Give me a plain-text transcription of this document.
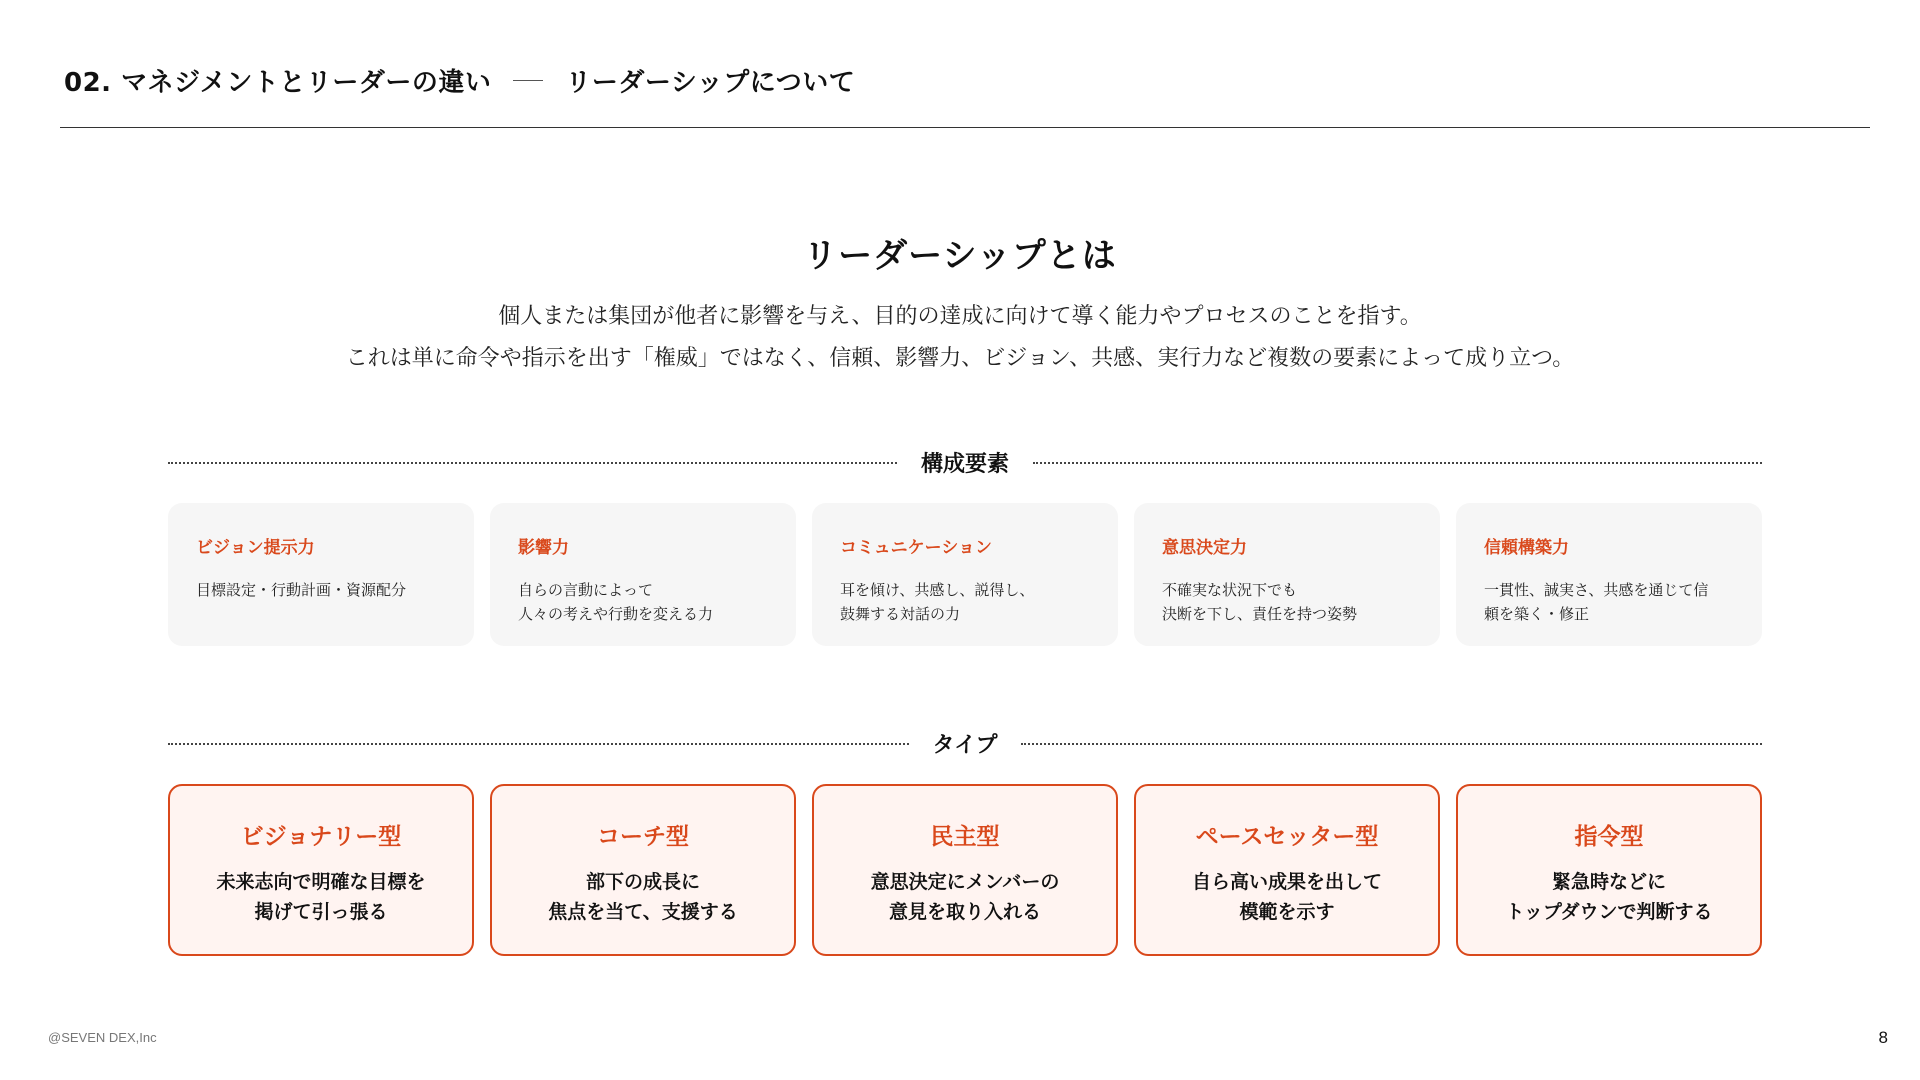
02. マネジメントとリーダーの違い	リーダーシップについて
リーダーシップとは
個人または集団が他者に影響を与え、目的の達成に向けて導く能力やプロセスのことを指す。
これは単に命令や指示を出す「権威」ではなく、信頼、影響力、ビジョン、共感、実行力など複数の要素によって成り立つ。
構成要素
ビジョン提示力
目標設定・行動計画・資源配分
影響力
自らの言動によって
人々の考えや行動を変える力
コミュニケーション
耳を傾け、共感し、説得し、
鼓舞する対話の力
意思決定力
不確実な状況下でも
決断を下し、責任を持つ姿勢
信頼構築力
一貫性、誠実さ、共感を通じて信
頼を築く・修正
タイプ
ビジョナリー型
未来志向で明確な目標を
掲げて引っ張る
コーチ型
部下の成長に
焦点を当て、支援する
民主型
意思決定にメンバーの
意見を取り入れる
ペースセッター型
自ら高い成果を出して
模範を示す
指令型
緊急時などに
トップダウンで判断する
@SEVEN DEX,Inc	8
